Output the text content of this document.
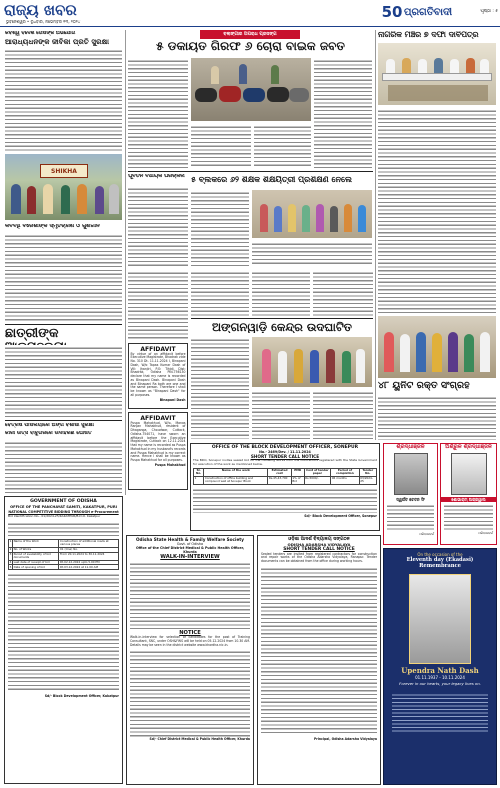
ରାଜ୍ୟ ଖବର
ଭୁବନେଶ୍ୱର • ବୁଧବାର, ନଭେମ୍ବର ୧୩, ୨୦୨୪
50 ପ୍ରଗତିବାଦୀ	ପୃଷ୍ଠା : ୫
କବିଶ୍ୱ ବିଦେଶି ତୋଷଙ୍କ ଅଭିଯୋଗ
ଆରାଧ୍ୟଧନଙ୍କ ଜୀବିକା ପ୍ରତି ସୁରକ୍ଷା
SHIKHA
କବିବିଧି ବିରେଶୀଙ୍କ ସ୍ମୃତିଚାରଣ ଓ ଗୁଣଗାନ
ଛାତ୍ରୀଙ୍କ
ବେତ୍ରଷ ପାଷିଲିୟାରେ ଅଙ୍ଗ ବିଶାଷା ସୁରକ୍ଷା
କାରୀ ଉତ୍ସ ବାବୁଗରରେ ଉଦାହରଣ ଘୋଷିତ
GOVERNMENT OF ODISHA
OFFICE OF THE PANCHAYAT SAMITI, KAKATPUR, PURI
NATIONAL COMPETITIVE BIDDING THROUGH e-Procurement
Bid Identification No.- 01/2024-25/KAKATPUR/B.D.O. Kakatpur
1	Name of the Work	Construction of additional roads at various places
2	No. of Works	01 (One) No.
3	Period of availability of bid documents	From 20.11.2024 to 30.11.2024
4	Last date of receipt of bid	Dt.02.12.2024 upto 5.00 PM
5	Date of opening of bid	Dt.03.12.2024 at 11.00 AM
Sd/- Block Development Officer, Kakatpur
ବଲାଙ୍ଗୀର ଅପରାଧ ପ୍ରସଙ୍ଗ
୫ ଡକାୟତ ଗିରଫ ୬ ଚୋରା ବାଇକ ଜବତ
ପୂର୍ବତନ ବିଧାୟକ ପରିଚାଳନା ୫ ବ୍ଲକରେ ୬୨ ଶିକ୍ଷକ ଶିକ୍ଷୟିତ୍ରୀ ପ୍ରଶିକ୍ଷଣ ନେଲେ
AFFIDAVIT
By virtue of an affidavit before Executive Magistrate, Bhadrak vide No. 310 Dt. 11.11.2024 I, Binapani Dash, W/o Tapas Kumar Dash of Vill: Jhanjiri, P.O: Tihidi, Dist: Bhadrak, Odisha PIN-756130 declare that my name is recorded as Binapani Dash. Binapani Dash and Binapani Ra both are one and the same person. Therefore I shall be known as "Binapani Dash" for all purposes.
Binapani Dash
AFFIDAVIT
Puspa Mahakhud, W/o- Manas Ranjan Mahakhud, resident of Dhaganga, Choudwar, Cuttack, Odisha-754071, have sworn an affidavit before the Executive Magistrate, Cuttack on 12.11.2024 that my name is recorded as Puspa Mahakhud in my husband's records and Puspa Mahakhud is my correct name. Hence I shall be known as Puspa Mahakhud for all purposes.
Puspa Mahakhud
ଅଙ୍ଗନୱାଡ଼ି କେନ୍ଦ୍ର ଉଦଘାଟିତ
ନାଗରିକ ମଞ୍ଚର ୭ ଦଫା ଦାବିପତ୍ର
୪୮ ୟୁନିଟ ରକ୍ତ ସଂଗ୍ରହ
OFFICE OF THE BLOCK DEVELOPMENT OFFICER, SONEPUR
No.- 2469/Dev. / 11.11.2024
SHORT TENDER CALL NOTICE
The BDO, Sonepur invites sealed bid for the following works from the Contractors registered with the State Government for execution of the work as mentioned below.
Sl. No.	Name of the work	Estimated cost	EMD	Cost of tender paper	Period of completion	Tender No.
1	Construction of office building and compound wall at Sonepur Block	Rs.45,43,700	1% of Bid	Rs.5000/-	06 months	03/2024-25
Sd/- Block Development Officer, Sonepur
ଶ୍ରଦ୍ଧାଞ୍ଜଳି
ସ୍ୱର୍ଗତ ଚେତନ ସିଂ
ପରିବାରବର୍ଗ
ଅଶ୍ରୁଳ ଶ୍ରଦ୍ଧାଞ୍ଜଳି
ଶୋଭାରାମ୍ ଅଗ୍ରୱାଲ
ପରିବାରବର୍ଗ
Odisha State Health & Family Welfare Society
Govt. of Odisha
Office of the Chief District Medical & Public Health Officer, Khurda
WALK-IN-INTERVIEW
NOTICE
Walk-in-interview for selection of candidates for the post of Training Consultant, SNC, under OSH&FWS will be held on 05.12.2024 from 10.30 AM. Details may be seen in the district website www.khordha.nic.in.
Sd/- Chief District Medical & Public Health Officer, Khurda
ଓଡ଼ିଶା ଆଦର୍ଶ ବିଦ୍ୟାଳୟ ସଙ୍ଗଠନ
ODISHA ADARSHA VIDYALAYA
SHORT TENDER CALL NOTICE
Sealed tenders are invited from registered contractors for construction and repair works of the Odisha Adarsha Vidyalaya, Ranapur. Tender documents can be obtained from the office during working hours.
Principal, Odisha Adarsha Vidyalaya
On the occasion of the
Eleventh day (Ekadasi) Remembrance
Upendra Nath Dash
01.11.1937 - 10.11.2024
Forever in our hearts, your legacy lives on.
